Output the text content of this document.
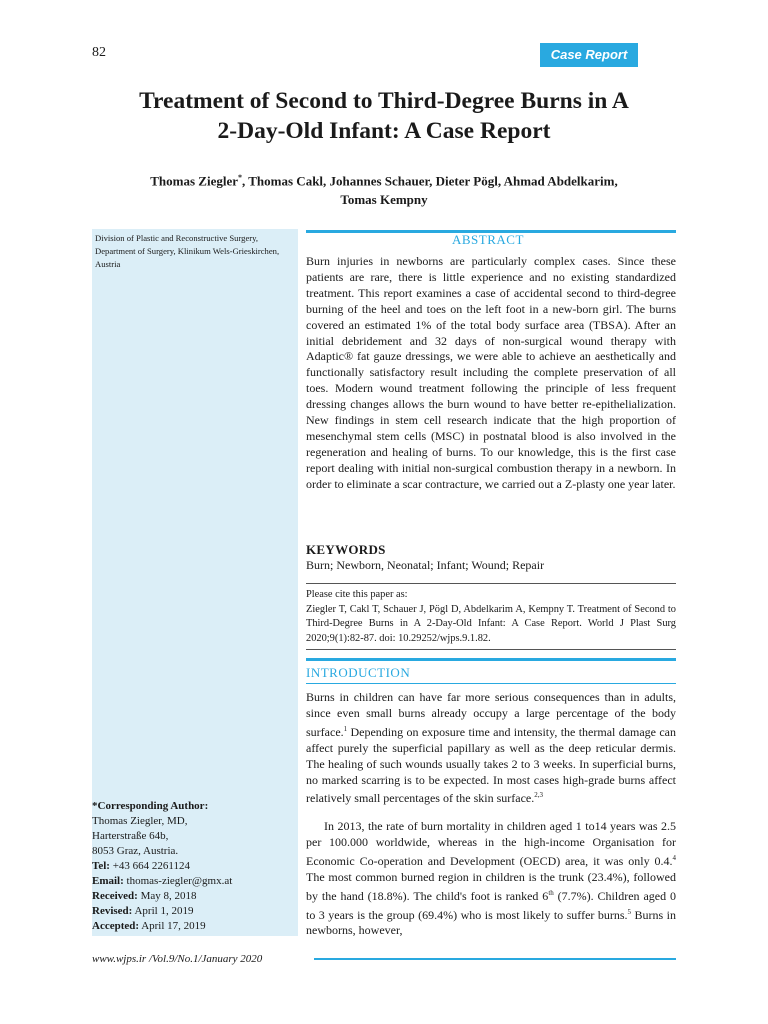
82	Case Report
Treatment of Second to Third-Degree Burns in A
2-Day-Old Infant: A Case Report
Thomas Ziegler*, Thomas Cakl, Johannes Schauer, Dieter Pögl, Ahmad Abdelkarim,
Tomas Kempny
Division of Plastic and Reconstructive Surgery, Department of Surgery, Klinikum Wels-Grieskirchen, Austria
ABSTRACT

Burn injuries in newborns are particularly complex cases. Since these patients are rare, there is little experience and no existing standardized treatment. This report examines a case of accidental second to third-degree burning of the heel and toes on the left foot in a new-born girl. The burns covered an estimated 1% of the total body surface area (TBSA). After an initial debridement and 32 days of non-surgical wound therapy with Adaptic® fat gauze dressings, we were able to achieve an aesthetically and functionally satisfactory result including the complete preservation of all toes. Modern wound treatment following the principle of less frequent dressing changes allows the burn wound to have better re-epithelialization. New findings in stem cell research indicate that the high proportion of mesenchymal stem cells (MSC) in postnatal blood is also involved in the regeneration and healing of burns. To our knowledge, this is the first case report dealing with initial non-surgical combustion therapy in a newborn. In order to eliminate a scar contracture, we carried out a Z-plasty one year later.

KEYWORDS
Burn; Newborn, Neonatal; Infant; Wound; Repair
Please cite this paper as:
Ziegler T, Cakl T, Schauer J, Pögl D, Abdelkarim A, Kempny T. Treatment of Second to Third-Degree Burns in A 2-Day-Old Infant: A Case Report. World J Plast Surg 2020;9(1):82-87. doi: 10.29252/wjps.9.1.82.
INTRODUCTION

Burns in children can have far more serious consequences than in adults, since even small burns already occupy a large percentage of the body surface.$^1$ Depending on exposure time and intensity, the thermal damage can affect purely the superficial papillary as well as the deep reticular dermis. The healing of such wounds usually takes 2 to 3 weeks. In superficial burns, no marked scarring is to be expected. In most cases high-grade burns affect relatively small percentages of the skin surface.$^{2,3}$

In 2013, the rate of burn mortality in children aged 1 to14 years was 2.5 per 100.000 worldwide, whereas in the high-income Organisation for Economic Co-operation and Development (OECD) area, it was only 0.4.$^4$ The most common burned region in children is the trunk (23.4%), followed by the hand (18.8%). The child's foot is ranked 6th (7.7%). Children aged 0 to 3 years is the group (69.4%) who is most likely to suffer burns.$^5$ Burns in newborns, however,

*Corresponding Author:
Thomas Ziegler, MD,
Harterstraße 64b,
8053 Graz, Austria.
Tel: +43 664 2261124
Email: thomas-ziegler@gmx.at
Received: May 8, 2018
Revised: April 1, 2019
Accepted: April 17, 2019
www.wjps.ir /Vol.9/No.1/January 2020
